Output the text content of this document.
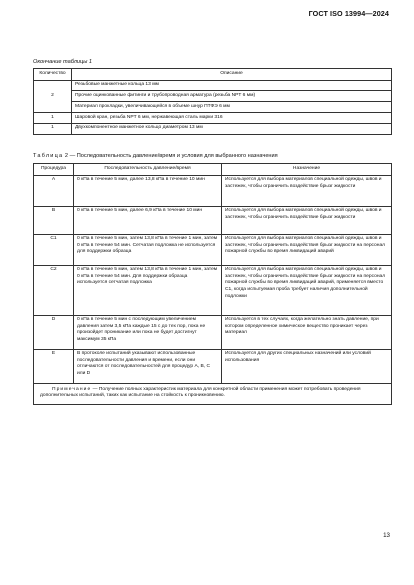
ГОСТ ISO 13994—2024
Окончание таблицы 1
Количество	Описание
2	Резьбовые манжетные кольца 13 мм
	Прочие оцинкованные фитинги и трубопроводная арматура (резьба NPT 6 мм)
	Материал прокладки, увеличивающейся в объеме шнур ПТФЭ 6 мм
1	Шаровой кран, резьба NPT 6 мм, нержавеющая сталь марки 316
1	Двухкомпонентное манжетное кольцо диаметром 13 мм
Таблица 2 — Последовательность давление/время и условия для выбранного назначения
Процедура	Последовательность давление/время	Назначение
A	0 кПа в течение 5 мин, далее 13,8 кПа в течение 10 мин	Используется для выбора материалов специальной одежды, швов и застежек, чтобы ограничить воздействие брызг жидкости
B	0 кПа в течение 5 мин, далее 6,9 кПа в течение 10 мин	Используется для выбора материалов специальной одежды, швов и застежек, чтобы ограничить воздействие брызг жидкости
C1	0 кПа в течение 5 мин, затем 13,8 кПа в течение 1 мин, затем 0 кПа в течение 54 мин. Сетчатая подложка не используется для поддержки образца	Используется для выбора материалов специальной одежды, швов и застежек, чтобы ограничить воздействия брызг жидкости на персонал пожарной службы во время ликвидаций аварий
C2	0 кПа в течение 5 мин, затем 13,8 кПа в течение 1 мин, затем 0 кПа в течение 54 мин. Для поддержки образца используется сетчатая подложка	Используется для выбора материалов специальной одежды, швов и застежек, чтобы ограничить воздействие брызг жидкости на персонал пожарной службы во время ликвидаций аварий, применяется вместо С1, когда испытуемая проба требует наличия дополнительной подложки
D	0 кПа в течение 5 мин с последующим увеличением давления затем 3,5 кПа каждые 15 с до тех пор, пока не произойдет проникание или пока не будет достигнут максимум 35 кПа	Используется в тех случаях, когда желательно знать давление, при котором определенное химическое вещество проникает через материал
E	В протоколе испытаний указывают использованные последовательности давления и времени, если они отличаются от последовательностей для процедур А, В, С или D	Используется для других специальных назначений или условий использования
Примечание — Получение полных характеристик материала для конкретной области применения может потребовать проведения дополнительных испытаний, таких как испытание на стойкость к проникновению.		
13
